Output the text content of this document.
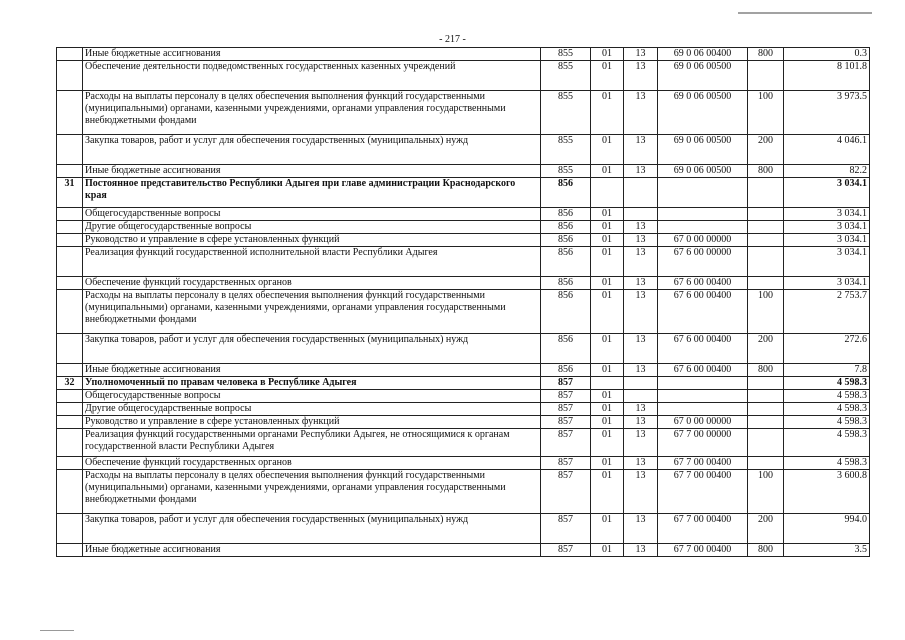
- 217 -
	Иные бюджетные ассигнования	855	01	13	69 0 06 00400	800	0.3
	Обеспечение деятельности подведомственных государственных казенных учреждений	855	01	13	69 0 06 00500		8 101.8
	Расходы на выплаты персоналу в целях обеспечения выполнения функций государственными (муниципальными) органами, казенными учреждениями, органами управления государственными внебюджетными фондами	855	01	13	69 0 06 00500	100	3 973.5
	Закупка товаров, работ и услуг для обеспечения государственных (муниципальных) нужд	855	01	13	69 0 06 00500	200	4 046.1
	Иные бюджетные ассигнования	855	01	13	69 0 06 00500	800	82.2
31	Постоянное представительство Республики Адыгея при главе администрации Краснодарского края	856					3 034.1
	Общегосударственные вопросы	856	01				3 034.1
	Другие общегосударственные вопросы	856	01	13			3 034.1
	Руководство и управление в сфере установленных функций	856	01	13	67 0 00 00000		3 034.1
	Реализация функций государственной исполнительной власти Республики Адыгея	856	01	13	67 6 00 00000		3 034.1
	Обеспечение функций государственных органов	856	01	13	67 6 00 00400		3 034.1
	Расходы на выплаты персоналу в целях обеспечения выполнения функций государственными (муниципальными) органами, казенными учреждениями, органами управления государственными внебюджетными фондами	856	01	13	67 6 00 00400	100	2 753.7
	Закупка товаров, работ и услуг для обеспечения государственных (муниципальных) нужд	856	01	13	67 6 00 00400	200	272.6
	Иные бюджетные ассигнования	856	01	13	67 6 00 00400	800	7.8
32	Уполномоченный по правам человека в Республике Адыгея	857					4 598.3
	Общегосударственные вопросы	857	01				4 598.3
	Другие общегосударственные вопросы	857	01	13			4 598.3
	Руководство и управление в сфере установленных функций	857	01	13	67 0 00 00000		4 598.3
	Реализация функций государственными органами Республики Адыгея, не относящимися к органам государственной власти Республики Адыгея	857	01	13	67 7 00 00000		4 598.3
	Обеспечение функций государственных органов	857	01	13	67 7 00 00400		4 598.3
	Расходы на выплаты персоналу в целях обеспечения выполнения функций государственными (муниципальными) органами, казенными учреждениями, органами управления государственными внебюджетными фондами	857	01	13	67 7 00 00400	100	3 600.8
	Закупка товаров, работ и услуг для обеспечения государственных (муниципальных) нужд	857	01	13	67 7 00 00400	200	994.0
	Иные бюджетные ассигнования	857	01	13	67 7 00 00400	800	3.5
